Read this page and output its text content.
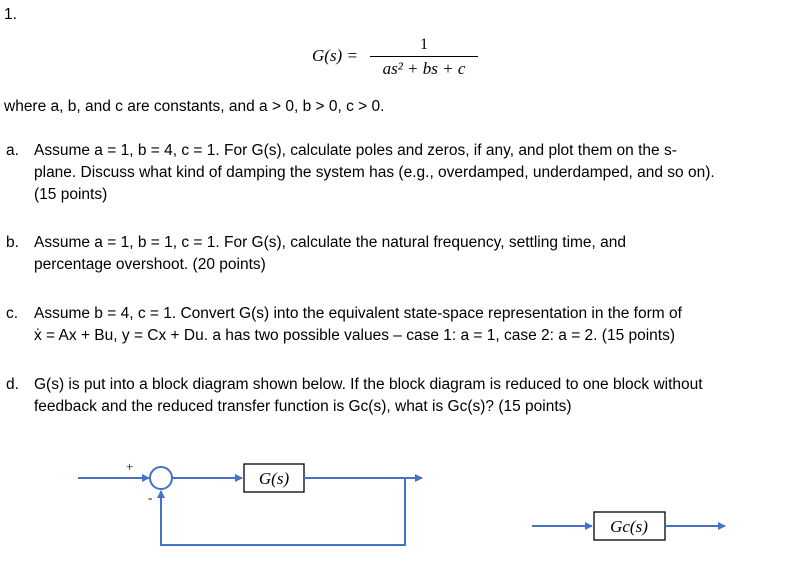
1.
G(s) =
1
as² + bs + c
where a, b, and c are constants, and a > 0, b > 0, c > 0.
a. Assume a = 1, b = 4, c = 1. For G(s), calculate poles and zeros, if any, and plot them on the s-
plane. Discuss what kind of damping the system has (e.g., overdamped, underdamped, and so on).
(15 points)
b. Assume a = 1, b = 1, c = 1. For G(s), calculate the natural frequency, settling time, and
percentage overshoot. (20 points)
c. Assume b = 4, c = 1. Convert G(s) into the equivalent state-space representation in the form of
ẋ = Ax + Bu, y = Cx + Du. a has two possible values – case 1: a = 1, case 2: a = 2. (15 points)
d. G(s) is put into a block diagram shown below. If the block diagram is reduced to one block without
feedback and the reduced transfer function is Gc(s), what is Gc(s)? (15 points)
+
-
G(s)
Gc(s)
